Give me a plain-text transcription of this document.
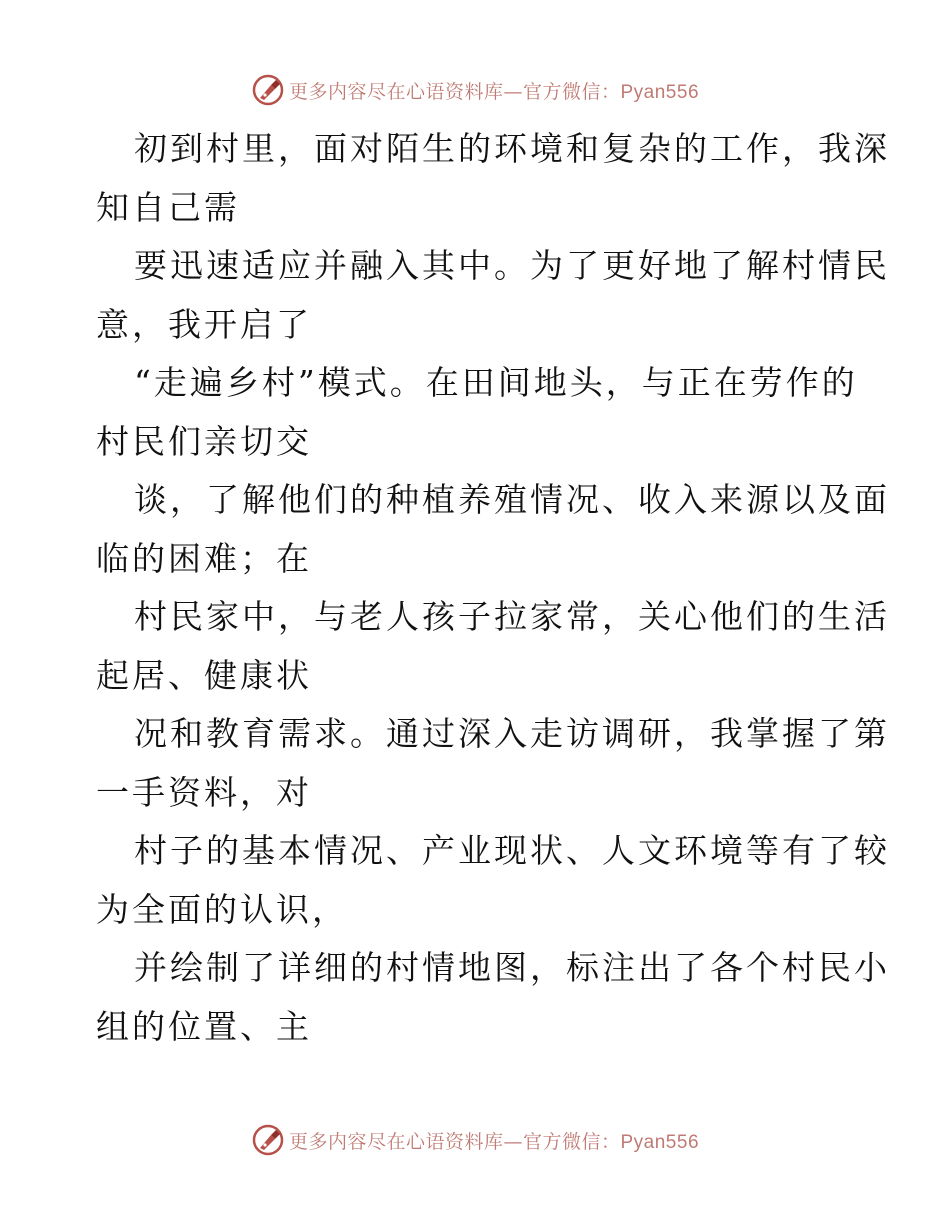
更多内容尽在心语资料库—官方微信：Pyan556

初到村里，面对陌生的环境和复杂的工作，我深

知自己需

要迅速适应并融入其中。为了更好地了解村情民

意，我开启了

“走遍乡村”模式。在田间地头，与正在劳作的

村民们亲切交

谈，了解他们的种植养殖情况、收入来源以及面

临的困难；在

村民家中，与老人孩子拉家常，关心他们的生活

起居、健康状

况和教育需求。通过深入走访调研，我掌握了第

一手资料，对

村子的基本情况、产业现状、人文环境等有了较

为全面的认识，

并绘制了详细的村情地图，标注出了各个村民小

组的位置、主

更多内容尽在心语资料库—官方微信：Pyan556
